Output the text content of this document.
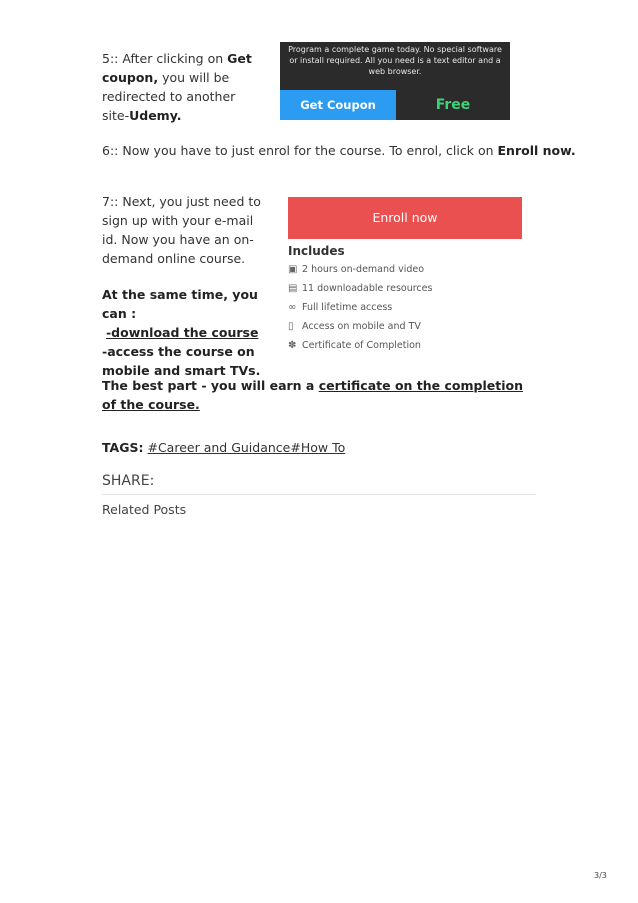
5:: After clicking on Get coupon, you will be redirected to another site-Udemy.
Program a complete game today. No special software or install required. All you need is a text editor and a web browser.
Get Coupon	Free
6:: Now you have to just enrol for the course. To enrol, click on Enroll now.
7:: Next, you just need to sign up with your e-mail id. Now you have an on-demand online course.
Enroll now
Includes
▣ 2 hours on-demand video
▤ 11 downloadable resources
∞ Full lifetime access
▯ Access on mobile and TV
✽ Certificate of Completion
At the same time, you can :
-download the course
-access the course on mobile and smart TVs.
The best part - you will earn a certificate on the completion of the course.
TAGS: #Career and Guidance#How To
SHARE:
Related Posts
3/3
